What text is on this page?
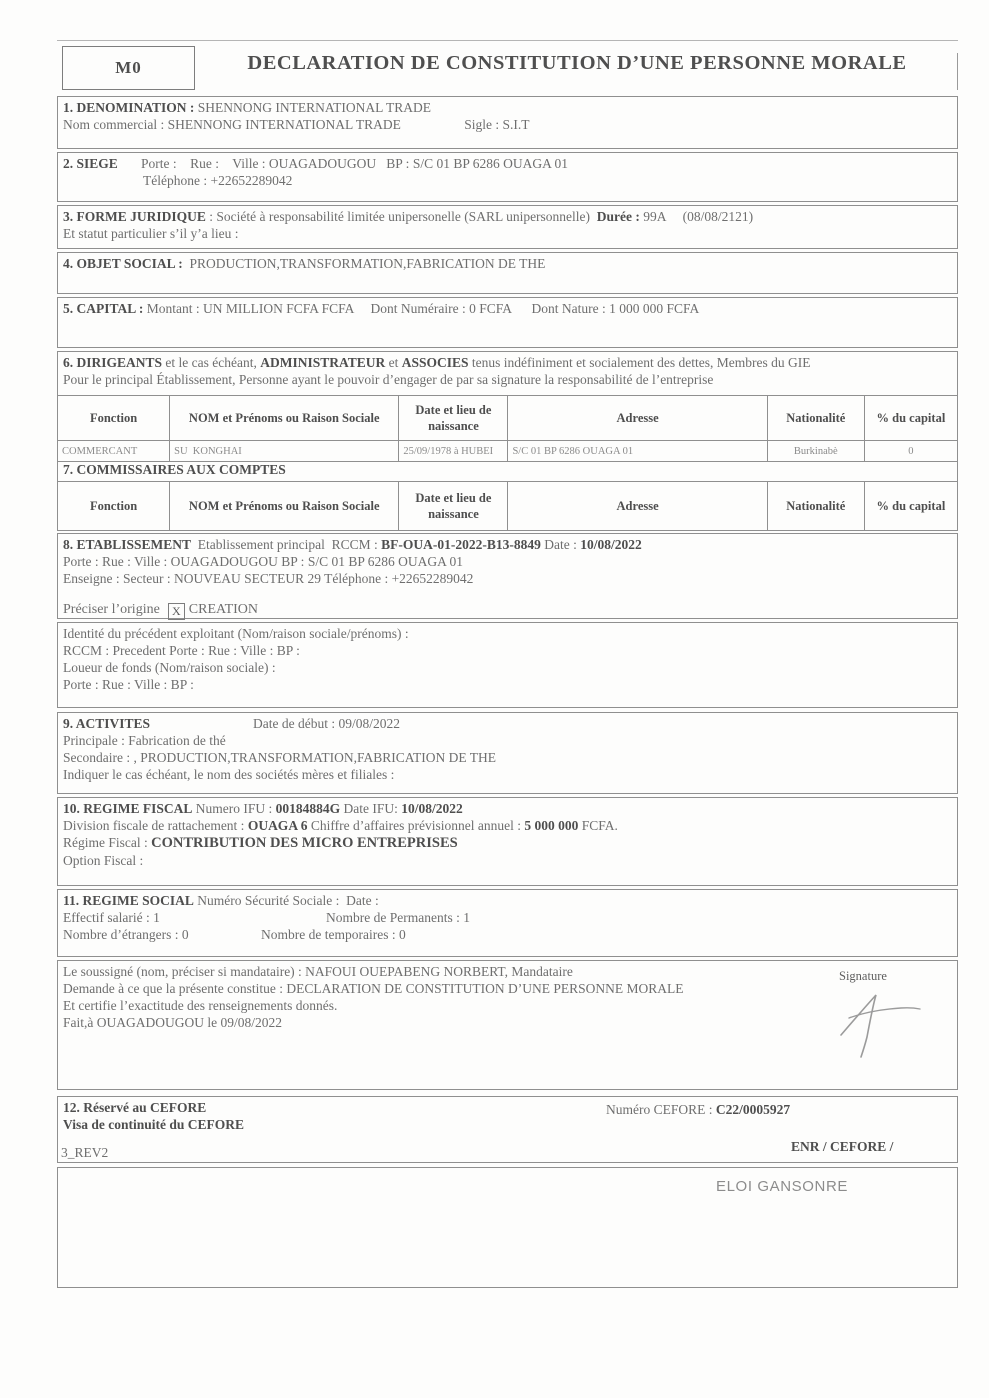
M0	DECLARATION DE CONSTITUTION D’UNE PERSONNE MORALE
1. DENOMINATION : SHENNONG INTERNATIONAL TRADE
Nom commercial : SHENNONG INTERNATIONAL TRADE	Sigle : S.I.T
2. SIEGE Porte :    Rue :    Ville : OUAGADOUGOU   BP : S/C 01 BP 6286 OUAGA 01
Téléphone : +22652289042
3. FORME JURIDIQUE : Société à responsabilité limitée unipersonelle (SARL unipersonnelle)  Durée : 99A     (08/08/2121)
Et statut particulier s’il y’a lieu :
4. OBJET SOCIAL :  PRODUCTION,TRANSFORMATION,FABRICATION DE THE
5. CAPITAL : Montant : UN MILLION FCFA FCFA     Dont Numéraire : 0 FCFA      Dont Nature : 1 000 000 FCFA
6. DIRIGEANTS et le cas échéant, ADMINISTRATEUR et ASSOCIES tenus indéfiniment et socialement des dettes, Membres du GIE
Pour le principal Établissement, Personne ayant le pouvoir d’engager de par sa signature la responsabilité de l’entreprise
Fonction	NOM et Prénoms ou Raison Sociale	Date et lieu de naissance	Adresse	Nationalité	% du capital
COMMERCANT	SU  KONGHAI	25/09/1978 à HUBEI	S/C 01 BP 6286 OUAGA 01	Burkinabè	0
7. COMMISSAIRES AUX COMPTES
Fonction	NOM et Prénoms ou Raison Sociale	Date et lieu de naissance	Adresse	Nationalité	% du capital
8. ETABLISSEMENT  Etablissement principal  RCCM : BF-OUA-01-2022-B13-8849 Date : 10/08/2022
Porte : Rue : Ville : OUAGADOUGOU BP : S/C 01 BP 6286 OUAGA 01
Enseigne : Secteur : NOUVEAU SECTEUR 29 Téléphone : +22652289042
Préciser l’origine X CREATION
Identité du précédent exploitant (Nom/raison sociale/prénoms) :
RCCM : Precedent Porte : Rue : Ville : BP :
Loueur de fonds (Nom/raison sociale) :
Porte : Rue : Ville : BP :
9. ACTIVITES	Date de début : 09/08/2022
Principale : Fabrication de thé
Secondaire : , PRODUCTION,TRANSFORMATION,FABRICATION DE THE
Indiquer le cas échéant, le nom des sociétés mères et filiales :
10. REGIME FISCAL Numero IFU : 00184884G Date IFU: 10/08/2022
Division fiscale de rattachement : OUAGA 6 Chiffre d’affaires prévisionnel annuel : 5 000 000 FCFA.
Régime Fiscal : CONTRIBUTION DES MICRO ENTREPRISES
Option Fiscal :
11. REGIME SOCIAL Numéro Sécurité Sociale :  Date :
Effectif salarié : 1	Nombre de Permanents : 1
Nombre d’étrangers : 0	Nombre de temporaires : 0
Le soussigné (nom, préciser si mandataire) : NAFOUI OUEPABENG NORBERT, Mandataire
Demande à ce que la présente constitue : DECLARATION DE CONSTITUTION D’UNE PERSONNE MORALE
Et certifie l’exactitude des renseignements donnés.
Fait,à OUAGADOUGOU le 09/08/2022
Signature
12. Réservé au CEFORE
Visa de continuité du CEFORE
Numéro CEFORE : C22/0005927
ENR / CEFORE /
3_REV2
ELOI GANSONRE
